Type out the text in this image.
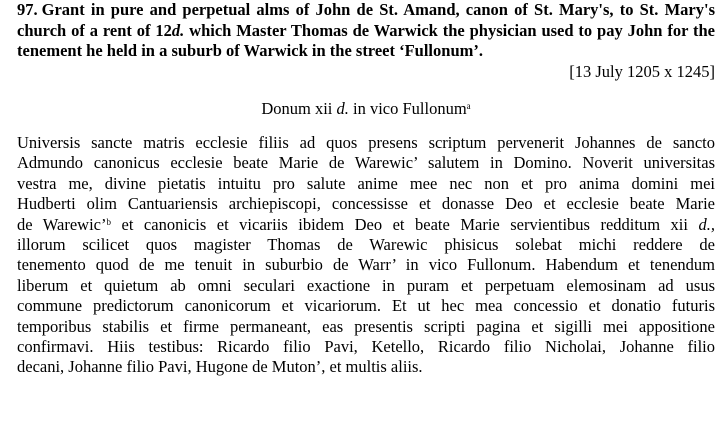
97. Grant in pure and perpetual alms of John de St. Amand, canon of St. Mary's, to St. Mary's church of a rent of 12d. which Master Thomas de Warwick the physician used to pay John for the tenement he held in a suburb of Warwick in the street ‘Fullonum’.

[13 July 1205 x 1245]

Donum xii d. in vico Fullonum$^a$

Universis sancte matris ecclesie filiis ad quos presens scriptum pervenerit Johannes de sancto
Admundo canonicus ecclesie beate Marie de Warewic’ salutem in Domino. Noverit universitas
vestra me, divine pietatis intuitu pro salute anime mee nec non et pro anima domini mei
Hudberti olim Cantuariensis archiepiscopi, concessisse et donasse Deo et ecclesie beate Marie
de Warewic’$^b$ et canonicis et vicariis ibidem Deo et beate Marie servientibus redditum xii d.,
illorum scilicet quos magister Thomas de Warewic phisicus solebat michi reddere de
tenemento quod de me tenuit in suburbio de Warr’ in vico Fullonum. Habendum et tenendum
liberum et quietum ab omni seculari exactione in puram et perpetuam elemosinam ad usus
commune predictorum canonicorum et vicariorum. Et ut hec mea concessio et donatio futuris
temporibus stabilis et firme permaneant, eas presentis scripti pagina et sigilli mei appositione
confirmavi. Hiis testibus: Ricardo filio Pavi, Ketello, Ricardo filio Nicholai, Johanne filio
decani, Johanne filio Pavi, Hugone de Muton’, et multis aliis.
